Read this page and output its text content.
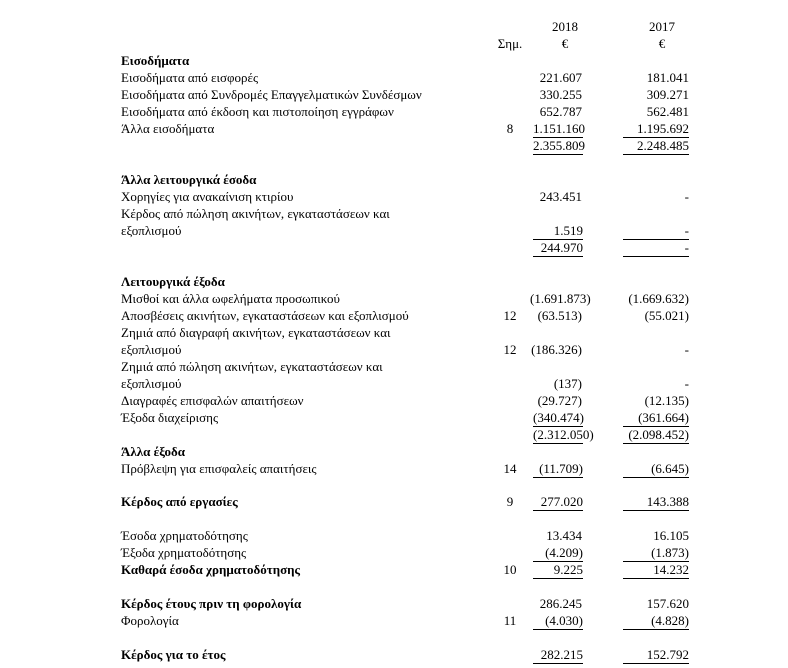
2018	2017
Σημ.	€	€
Εισοδήματα
Εισοδήματα από εισφορές	221.607	181.041
Εισοδήματα από Συνδρομές Επαγγελματικών Συνδέσμων	330.255	309.271
Εισοδήματα από έκδοση και πιστοποίηση εγγράφων	652.787	562.481
Άλλα εισοδήματα	8	1.151.160	1.195.692
2.355.809	2.248.485
Άλλα λειτουργικά έσοδα
Χορηγίες για ανακαίνιση κτιρίου	243.451	-
Κέρδος από πώληση ακινήτων, εγκαταστάσεων και
εξοπλισμού	1.519	-
244.970	-
Λειτουργικά έξοδα
Μισθοί και άλλα ωφελήματα προσωπικού	(1.691.873)	(1.669.632)
Αποσβέσεις ακινήτων, εγκαταστάσεων και εξοπλισμού	12	(63.513)	(55.021)
Ζημιά από διαγραφή ακινήτων, εγκαταστάσεων και
εξοπλισμού	12	(186.326)	-
Ζημιά από πώληση ακινήτων, εγκαταστάσεων και
εξοπλισμού	(137)	-
Διαγραφές επισφαλών απαιτήσεων	(29.727)	(12.135)
Έξοδα διαχείρισης	(340.474)	(361.664)
(2.312.050)	(2.098.452)
Άλλα έξοδα
Πρόβλεψη για επισφαλείς απαιτήσεις	14	(11.709)	(6.645)
Κέρδος από εργασίες	9	277.020	143.388
Έσοδα χρηματοδότησης	13.434	16.105
Έξοδα χρηματοδότησης	(4.209)	(1.873)
Καθαρά έσοδα χρηματοδότησης	10	9.225	14.232
Κέρδος έτους πριν τη φορολογία	286.245	157.620
Φορολογία	11	(4.030)	(4.828)
Κέρδος για το έτος	282.215	152.792
